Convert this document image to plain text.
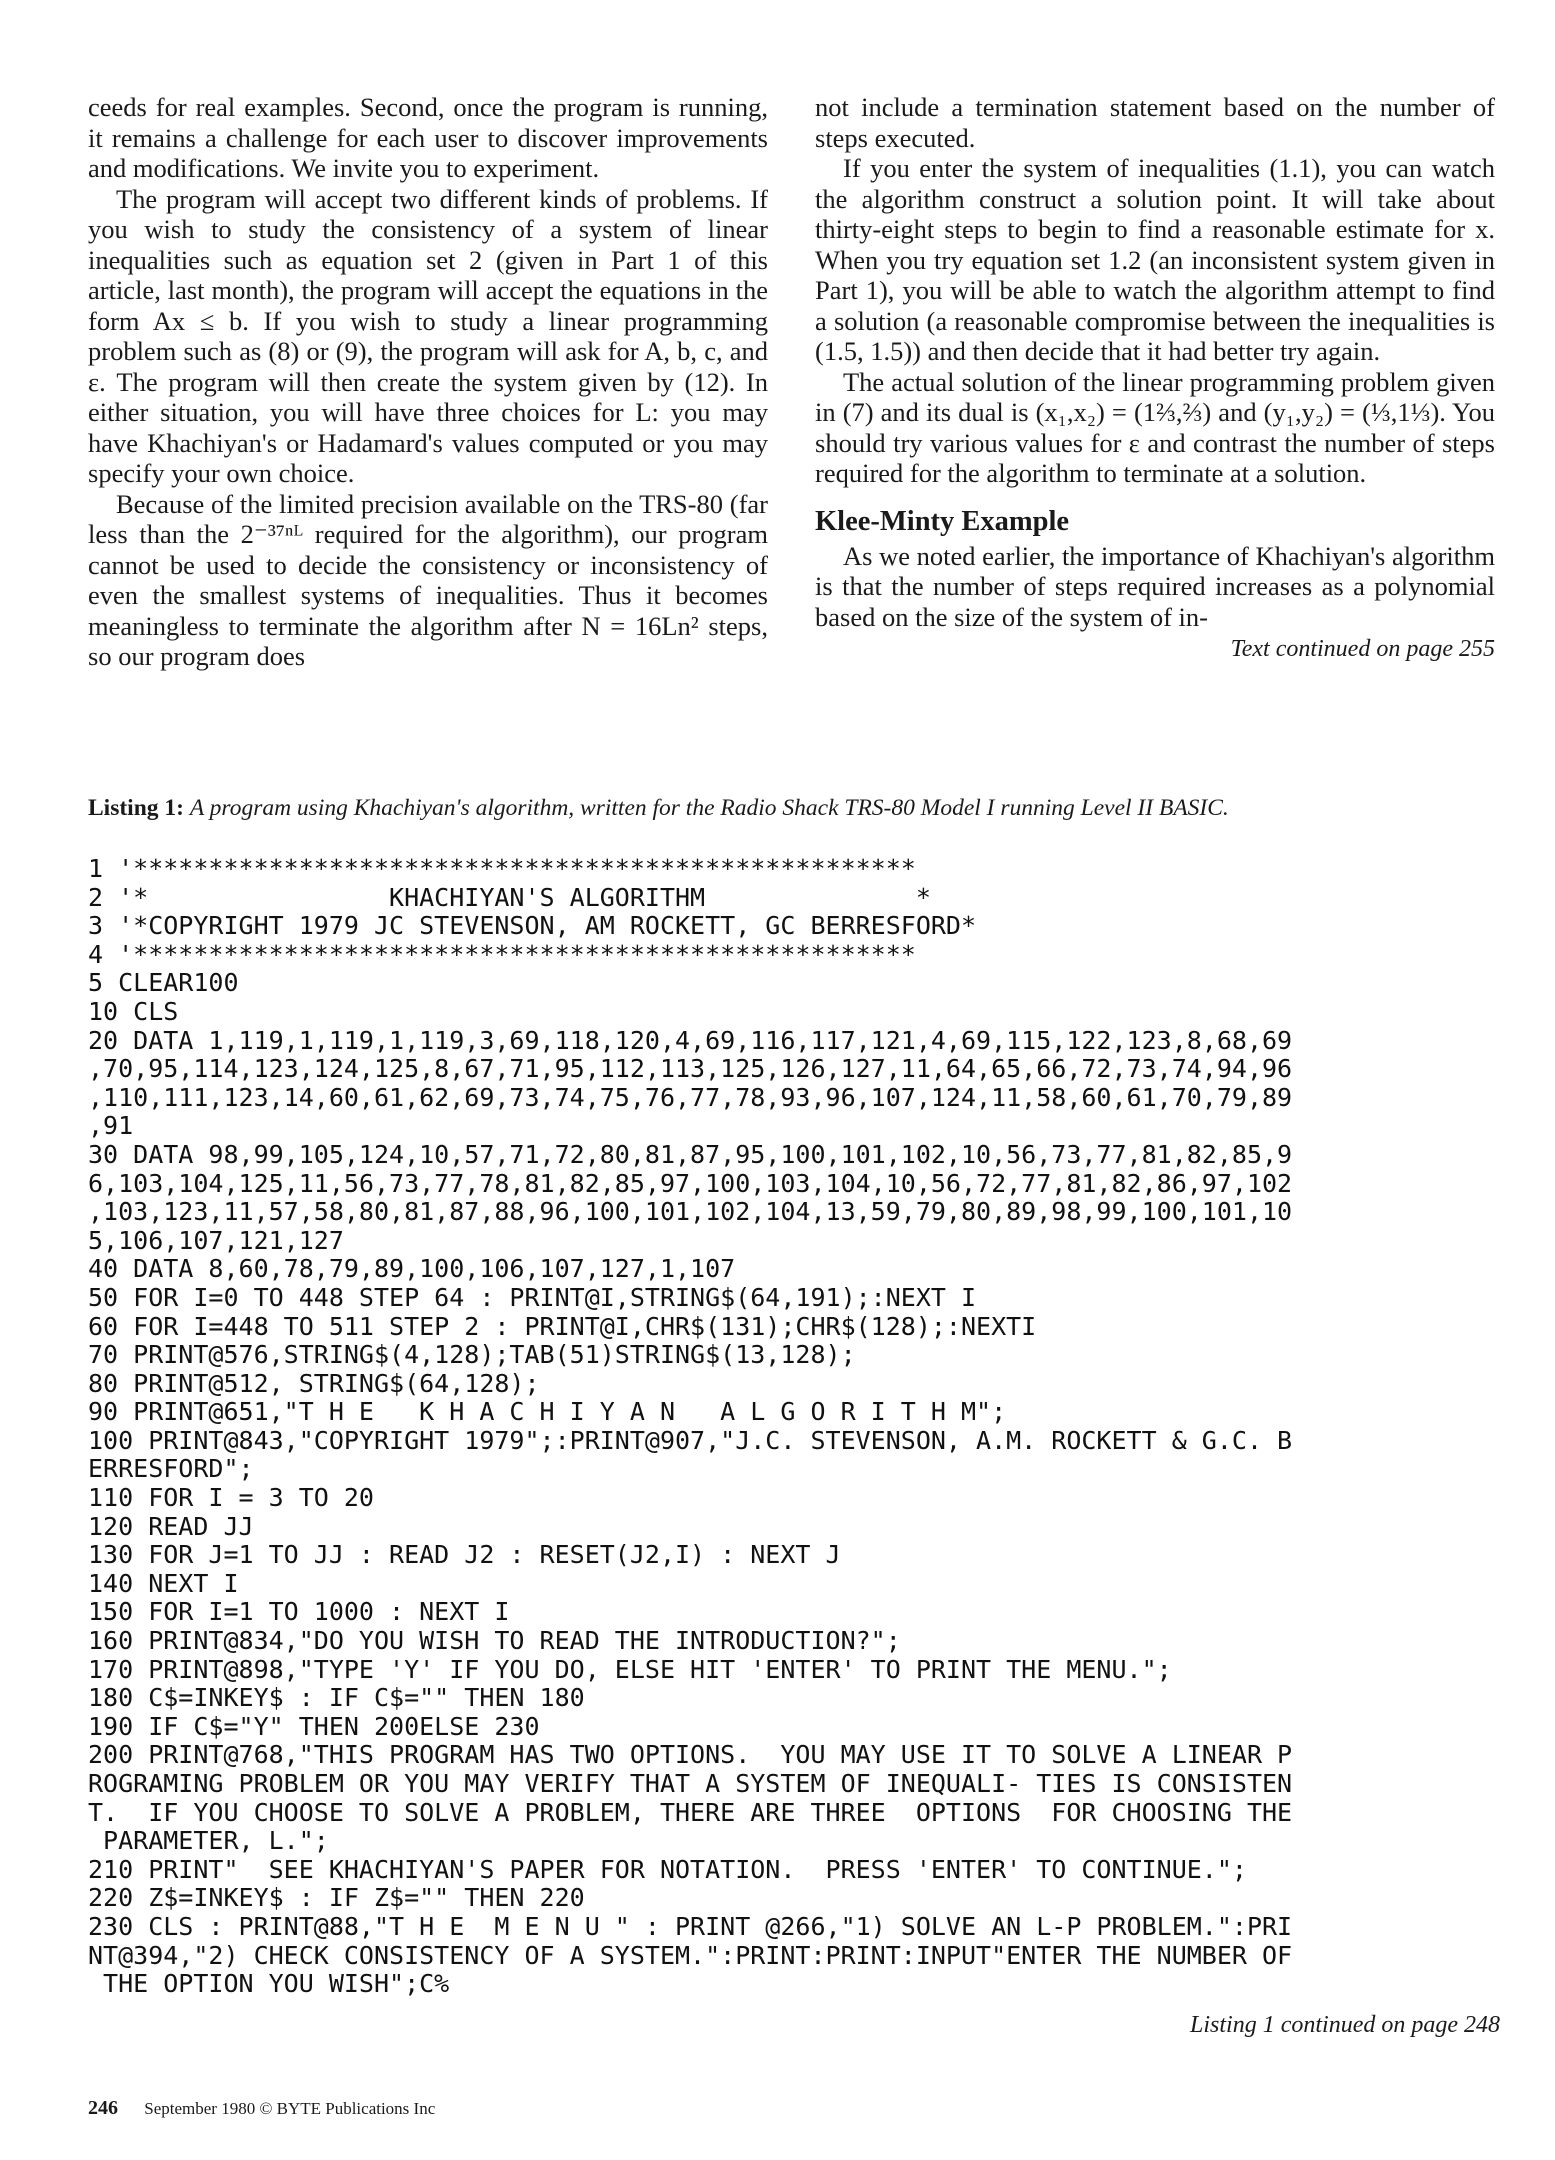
ceeds for real examples. Second, once the program is running, it remains a challenge for each user to discover improvements and modifications. We invite you to experiment.

The program will accept two different kinds of problems. If you wish to study the consistency of a system of linear inequalities such as equation set 2 (given in Part 1 of this article, last month), the program will accept the equations in the form Ax ≤ b. If you wish to study a linear programming problem such as (8) or (9), the program will ask for A, b, c, and ε. The program will then create the system given by (12). In either situation, you will have three choices for L: you may have Khachiyan's or Hadamard's values computed or you may specify your own choice.

Because of the limited precision available on the TRS-80 (far less than the 2⁻³⁷ⁿᴸ required for the algorithm), our program cannot be used to decide the consistency or inconsistency of even the smallest systems of inequalities. Thus it becomes meaningless to terminate the algorithm after N = 16Ln² steps, so our program does

not include a termination statement based on the number of steps executed.

If you enter the system of inequalities (1.1), you can watch the algorithm construct a solution point. It will take about thirty-eight steps to begin to find a reasonable estimate for x. When you try equation set 1.2 (an inconsistent system given in Part 1), you will be able to watch the algorithm attempt to find a solution (a reasonable compromise between the inequalities is (1.5, 1.5)) and then decide that it had better try again.

The actual solution of the linear programming problem given in (7) and its dual is (x₁,x₂) = (1⅔,⅔) and (y₁,y₂) = (⅓,1⅓). You should try various values for ε and contrast the number of steps required for the algorithm to terminate at a solution.

Klee-Minty Example

As we noted earlier, the importance of Khachiyan's algorithm is that the number of steps required increases as a polynomial based on the size of the system of in-

Text continued on page 255
Listing 1: A program using Khachiyan's algorithm, written for the Radio Shack TRS-80 Model I running Level II BASIC.
1 '****************************************************
2 '*                KHACHIYAN'S ALGORITHM              *
3 '*COPYRIGHT 1979 JC STEVENSON, AM ROCKETT, GC BERRESFORD*
4 '****************************************************
5 CLEAR100
10 CLS
20 DATA 1,119,1,119,1,119,3,69,118,120,4,69,116,117,121,4,69,115,122,123,8,68,69
,70,95,114,123,124,125,8,67,71,95,112,113,125,126,127,11,64,65,66,72,73,74,94,96
,110,111,123,14,60,61,62,69,73,74,75,76,77,78,93,96,107,124,11,58,60,61,70,79,89
,91
30 DATA 98,99,105,124,10,57,71,72,80,81,87,95,100,101,102,10,56,73,77,81,82,85,9
6,103,104,125,11,56,73,77,78,81,82,85,97,100,103,104,10,56,72,77,81,82,86,97,102
,103,123,11,57,58,80,81,87,88,96,100,101,102,104,13,59,79,80,89,98,99,100,101,10
5,106,107,121,127
40 DATA 8,60,78,79,89,100,106,107,127,1,107
50 FOR I=0 TO 448 STEP 64 : PRINT@I,STRING$(64,191);:NEXT I
60 FOR I=448 TO 511 STEP 2 : PRINT@I,CHR$(131);CHR$(128);:NEXTI
70 PRINT@576,STRING$(4,128);TAB(51)STRING$(13,128);
80 PRINT@512, STRING$(64,128);
90 PRINT@651,"T H E   K H A C H I Y A N   A L G O R I T H M";
100 PRINT@843,"COPYRIGHT 1979";:PRINT@907,"J.C. STEVENSON, A.M. ROCKETT & G.C. B
ERRESFORD";
110 FOR I = 3 TO 20
120 READ JJ
130 FOR J=1 TO JJ : READ J2 : RESET(J2,I) : NEXT J
140 NEXT I
150 FOR I=1 TO 1000 : NEXT I
160 PRINT@834,"DO YOU WISH TO READ THE INTRODUCTION?";
170 PRINT@898,"TYPE 'Y' IF YOU DO, ELSE HIT 'ENTER' TO PRINT THE MENU.";
180 C$=INKEY$ : IF C$="" THEN 180
190 IF C$="Y" THEN 200ELSE 230
200 PRINT@768,"THIS PROGRAM HAS TWO OPTIONS.  YOU MAY USE IT TO SOLVE A LINEAR P
ROGRAMING PROBLEM OR YOU MAY VERIFY THAT A SYSTEM OF INEQUALI- TIES IS CONSISTEN
T.  IF YOU CHOOSE TO SOLVE A PROBLEM, THERE ARE THREE  OPTIONS  FOR CHOOSING THE
PARAMETER, L.";
210 PRINT"  SEE KHACHIYAN'S PAPER FOR NOTATION.  PRESS 'ENTER' TO CONTINUE.";
220 Z$=INKEY$ : IF Z$="" THEN 220
230 CLS : PRINT@88,"T H E  M E N U " : PRINT @266,"1) SOLVE AN L-P PROBLEM.":PRI
NT@394,"2) CHECK CONSISTENCY OF A SYSTEM.":PRINT:PRINT:INPUT"ENTER THE NUMBER OF
THE OPTION YOU WISH";C%
Listing 1 continued on page 248
246 September 1980 © BYTE Publications Inc
